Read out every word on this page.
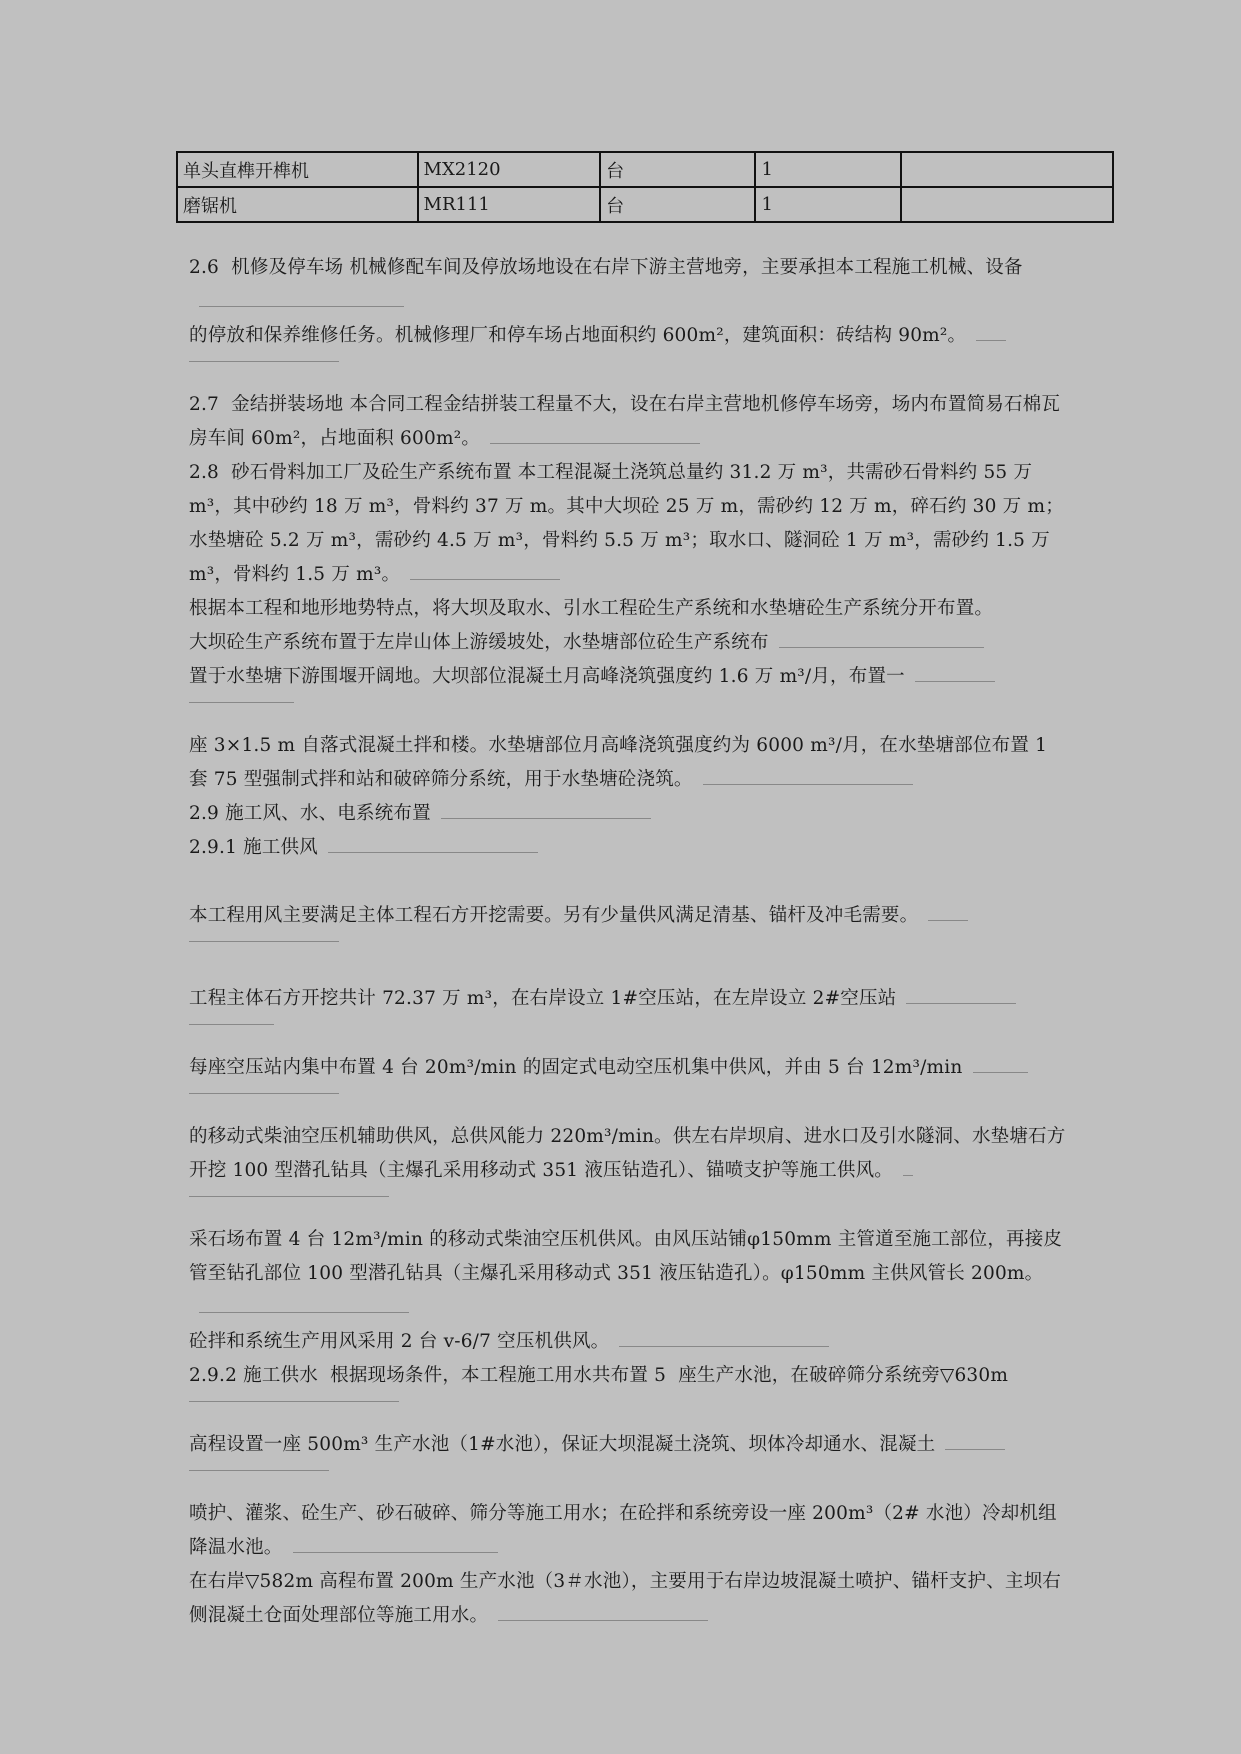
单头直榫开榫机	MX2120	台	1	
磨锯机	MR111	台	1	

2.6  机修及停车场 机械修配车间及停放场地设在右岸下游主营地旁，主要承担本工程施工机械、设备

的停放和保养维修任务。机械修理厂和停车场占地面积约 600m²，建筑面积：砖结构 90m²。

2.7  金结拼装场地 本合同工程金结拼装工程量不大，设在右岸主营地机修停车场旁，场内布置简易石棉瓦房车间 60m²，占地面积 600m²。

2.8  砂石骨料加工厂及砼生产系统布置 本工程混凝土浇筑总量约 31.2 万 m³，共需砂石骨料约 55 万 m³，其中砂约 18 万 m³，骨料约 37 万 m。其中大坝砼 25 万 m，需砂约 12 万 m，碎石约 30 万 m；水垫塘砼 5.2 万 m³，需砂约 4.5 万 m³，骨料约 5.5 万 m³；取水口、隧洞砼 1 万 m³，需砂约 1.5 万 m³，骨料约 1.5 万 m³。

根据本工程和地形地势特点，将大坝及取水、引水工程砼生产系统和水垫塘砼生产系统分开布置。

大坝砼生产系统布置于左岸山体上游缓坡处，水垫塘部位砼生产系统布

置于水垫塘下游围堰开阔地。大坝部位混凝土月高峰浇筑强度约 1.6 万 m³/月，布置一

座 3×1.5 m 自落式混凝土拌和楼。水垫塘部位月高峰浇筑强度约为 6000 m³/月，在水垫塘部位布置 1 套 75 型强制式拌和站和破碎筛分系统，用于水垫塘砼浇筑。

2.9 施工风、水、电系统布置

2.9.1 施工供风

本工程用风主要满足主体工程石方开挖需要。另有少量供风满足清基、锚杆及冲毛需要。

工程主体石方开挖共计 72.37 万 m³，在右岸设立 1#空压站，在左岸设立 2#空压站

每座空压站内集中布置 4 台 20m³/min 的固定式电动空压机集中供风，并由 5 台 12m³/min

的移动式柴油空压机辅助供风，总供风能力 220m³/min。供左右岸坝肩、进水口及引水隧洞、水垫塘石方开挖 100 型潜孔钻具（主爆孔采用移动式 351 液压钻造孔）、锚喷支护等施工供风。

采石场布置 4 台 12m³/min 的移动式柴油空压机供风。由风压站铺φ150mm 主管道至施工部位，再接皮管至钻孔部位 100 型潜孔钻具（主爆孔采用移动式 351 液压钻造孔）。φ150mm 主供风管长 200m。

砼拌和系统生产用风采用 2 台 v-6/7 空压机供风。

2.9.2 施工供水  根据现场条件，本工程施工用水共布置 5  座生产水池，在破碎筛分系统旁▽630m

高程设置一座 500m³ 生产水池（1#水池），保证大坝混凝土浇筑、坝体冷却通水、混凝土

喷护、灌浆、砼生产、砂石破碎、筛分等施工用水；在砼拌和系统旁设一座 200m³（2# 水池）冷却机组降温水池。

在右岸▽582m 高程布置 200m 生产水池（3＃水池），主要用于右岸边坡混凝土喷护、锚杆支护、主坝右侧混凝土仓面处理部位等施工用水。
